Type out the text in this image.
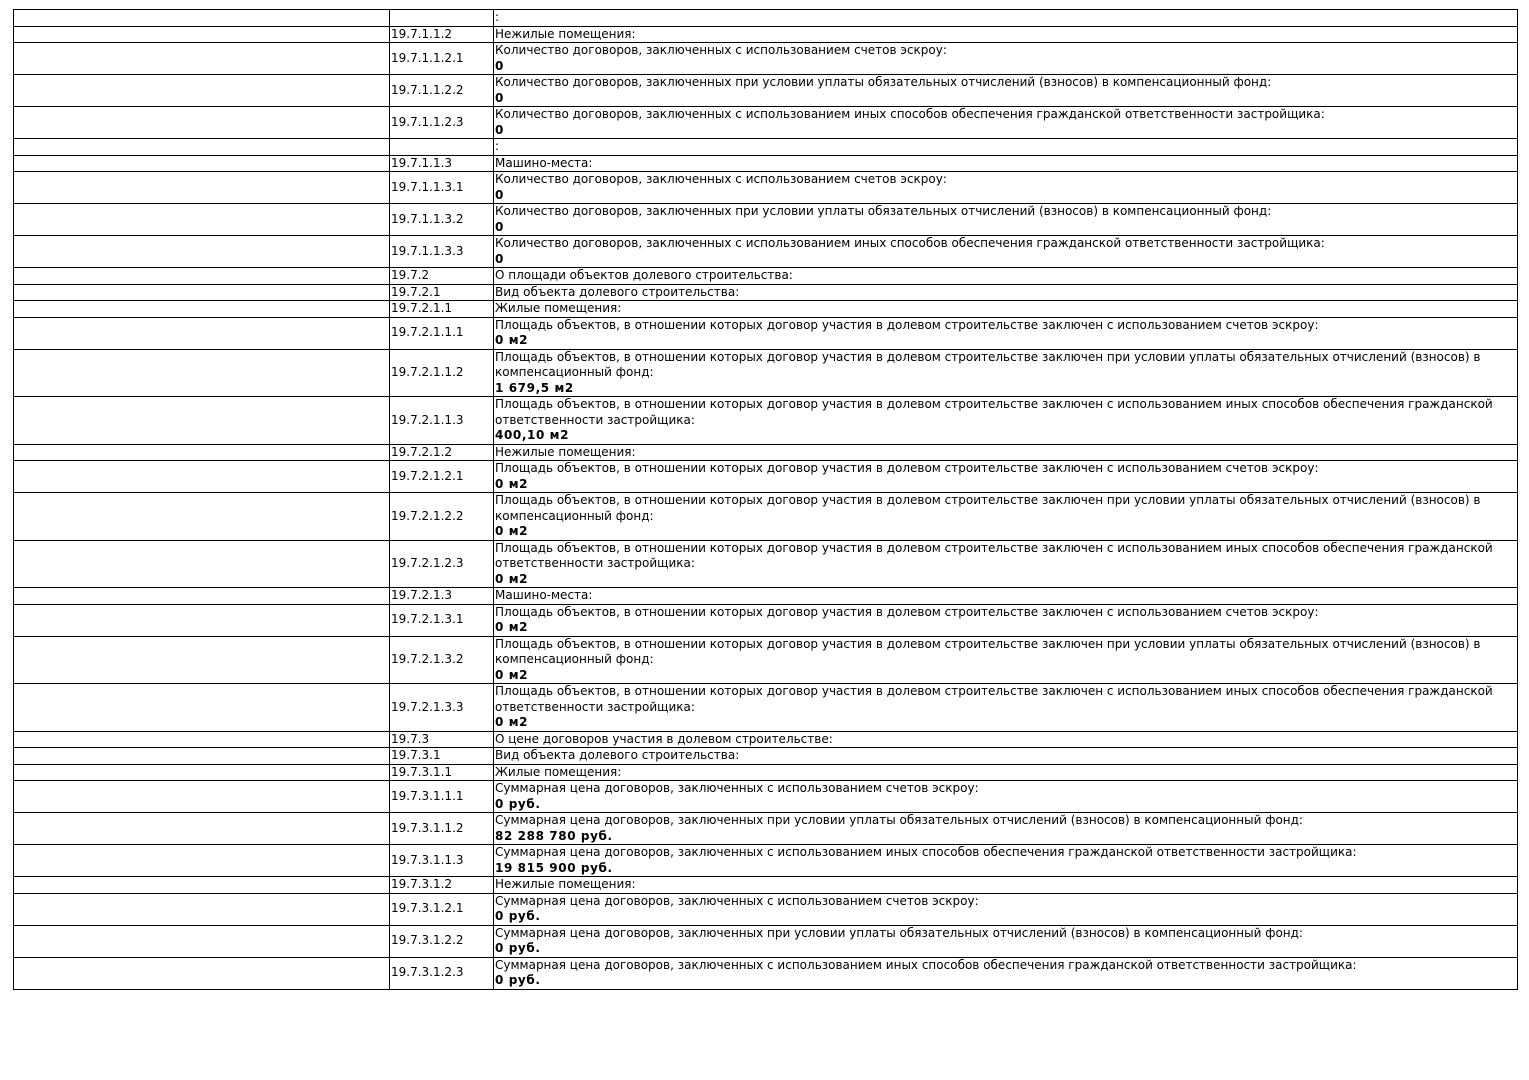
		:

	19.7.1.1.2	Нежилые помещения:

	19.7.1.1.2.1	Количество договоров, заключенных с использованием счетов эскроу:
0

	19.7.1.1.2.2	Количество договоров, заключенных при условии уплаты обязательных отчислений (взносов) в компенсационный фонд:
0

	19.7.1.1.2.3	Количество договоров, заключенных с использованием иных способов обеспечения гражданской ответственности застройщика:
0

		:

	19.7.1.1.3	Машино-места:

	19.7.1.1.3.1	Количество договоров, заключенных с использованием счетов эскроу:
0

	19.7.1.1.3.2	Количество договоров, заключенных при условии уплаты обязательных отчислений (взносов) в компенсационный фонд:
0

	19.7.1.1.3.3	Количество договоров, заключенных с использованием иных способов обеспечения гражданской ответственности застройщика:
0

	19.7.2	О площади объектов долевого строительства:

	19.7.2.1	Вид объекта долевого строительства:

	19.7.2.1.1	Жилые помещения:

	19.7.2.1.1.1	Площадь объектов, в отношении которых договор участия в долевом строительстве заключен с использованием счетов эскроу:
0 м2

	19.7.2.1.1.2	Площадь объектов, в отношении которых договор участия в долевом строительстве заключен при условии уплаты обязательных отчислений (взносов) в компенсационный фонд:
1 679,5 м2

	19.7.2.1.1.3	Площадь объектов, в отношении которых договор участия в долевом строительстве заключен с использованием иных способов обеспечения гражданской ответственности застройщика:
400,10 м2

	19.7.2.1.2	Нежилые помещения:

	19.7.2.1.2.1	Площадь объектов, в отношении которых договор участия в долевом строительстве заключен с использованием счетов эскроу:
0 м2

	19.7.2.1.2.2	Площадь объектов, в отношении которых договор участия в долевом строительстве заключен при условии уплаты обязательных отчислений (взносов) в компенсационный фонд:
0 м2

	19.7.2.1.2.3	Площадь объектов, в отношении которых договор участия в долевом строительстве заключен с использованием иных способов обеспечения гражданской ответственности застройщика:
0 м2

	19.7.2.1.3	Машино-места:

	19.7.2.1.3.1	Площадь объектов, в отношении которых договор участия в долевом строительстве заключен с использованием счетов эскроу:
0 м2

	19.7.2.1.3.2	Площадь объектов, в отношении которых договор участия в долевом строительстве заключен при условии уплаты обязательных отчислений (взносов) в компенсационный фонд:
0 м2

	19.7.2.1.3.3	Площадь объектов, в отношении которых договор участия в долевом строительстве заключен с использованием иных способов обеспечения гражданской ответственности застройщика:
0 м2

	19.7.3	О цене договоров участия в долевом строительстве:

	19.7.3.1	Вид объекта долевого строительства:

	19.7.3.1.1	Жилые помещения:

	19.7.3.1.1.1	Суммарная цена договоров, заключенных с использованием счетов эскроу:
0 руб.

	19.7.3.1.1.2	Суммарная цена договоров, заключенных при условии уплаты обязательных отчислений (взносов) в компенсационный фонд:
82 288 780 руб.

	19.7.3.1.1.3	Суммарная цена договоров, заключенных с использованием иных способов обеспечения гражданской ответственности застройщика:
19 815 900 руб.

	19.7.3.1.2	Нежилые помещения:

	19.7.3.1.2.1	Суммарная цена договоров, заключенных с использованием счетов эскроу:
0 руб.

	19.7.3.1.2.2	Суммарная цена договоров, заключенных при условии уплаты обязательных отчислений (взносов) в компенсационный фонд:
0 руб.

	19.7.3.1.2.3	Суммарная цена договоров, заключенных с использованием иных способов обеспечения гражданской ответственности застройщика:
0 руб.
